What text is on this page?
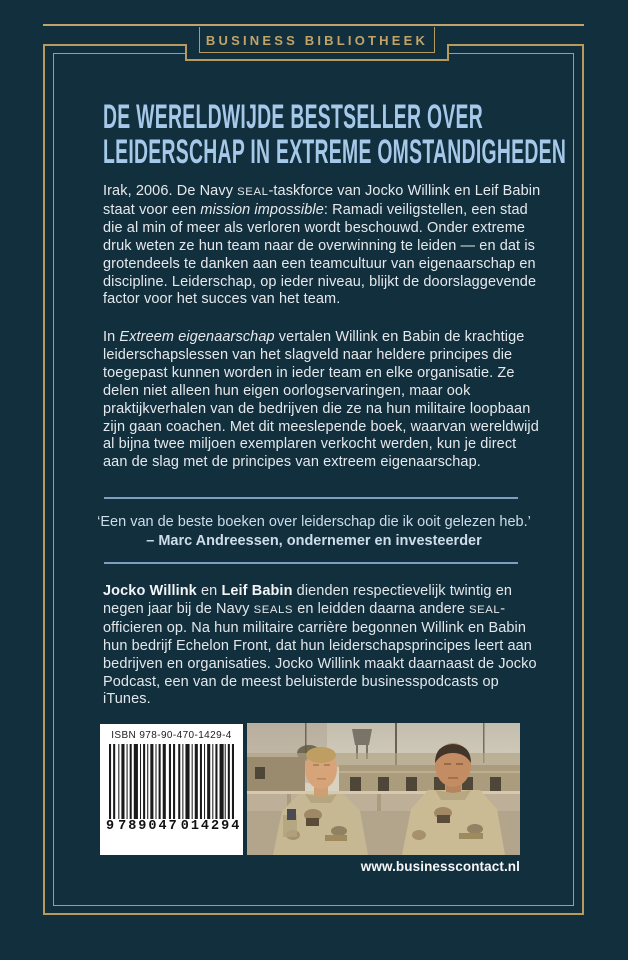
BUSINESS BIBLIOTHEEK
DE WERELDWIJDE BESTSELLER OVER
LEIDERSCHAP IN EXTREME OMSTANDIGHEDEN

Irak, 2006. De Navy SEAL-taskforce van Jocko Willink en Leif Babin staat voor een mission impossible: Ramadi veiligstellen, een stad die al min of meer als verloren wordt beschouwd. Onder extreme druk weten ze hun team naar de overwinning te leiden — en dat is grotendeels te danken aan een teamcultuur van eigenaarschap en discipline. Leiderschap, op ieder niveau, blijkt de doorslaggevende factor voor het succes van het team.

In Extreem eigenaarschap vertalen Willink en Babin de krachtige leiderschapslessen van het slagveld naar heldere principes die toegepast kunnen worden in ieder team en elke organisatie. Ze delen niet alleen hun eigen oorlogservaringen, maar ook praktijkverhalen van de bedrijven die ze na hun militaire loopbaan zijn gaan coachen. Met dit meeslepende boek, waarvan wereldwijd al bijna twee miljoen exemplaren verkocht werden, kun je direct aan de slag met de principes van extreem eigenaarschap.

‘Een van de beste boeken over leiderschap die ik ooit gelezen heb.’ – Marc Andreessen, ondernemer en investeerder

Jocko Willink en Leif Babin dienden respectievelijk twintig en negen jaar bij de Navy SEALS en leidden daarna andere SEAL-officieren op. Na hun militaire carrière begonnen Willink en Babin hun bedrijf Echelon Front, dat hun leiderschapsprincipes leert aan bedrijven en organisaties. Jocko Willink maakt daarnaast de Jocko Podcast, een van de meest beluisterde businesspodcasts op iTunes.

ISBN 978-90-470-1429-4
9 789047 014294
www.businesscontact.nl
